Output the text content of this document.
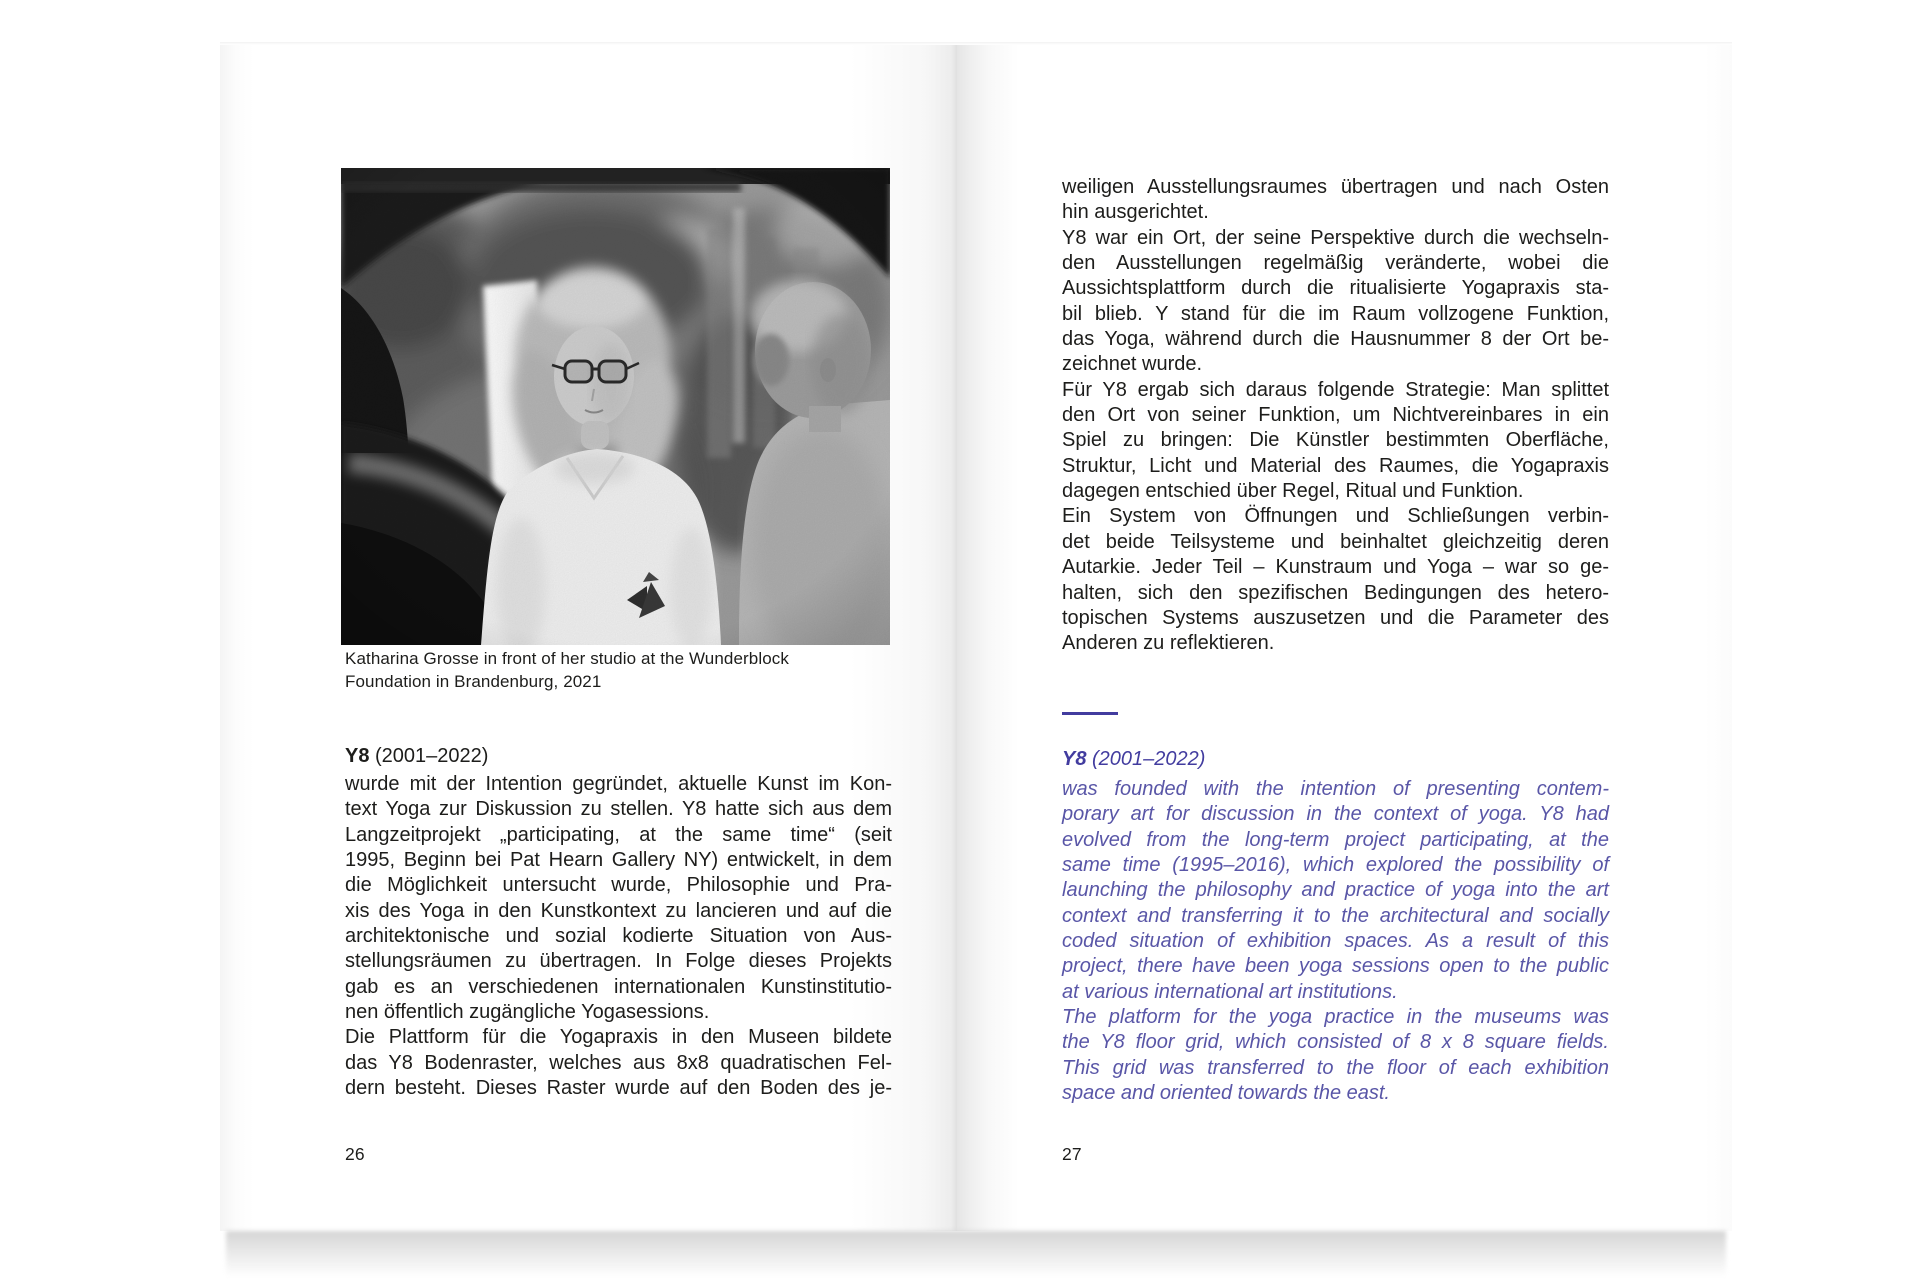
Katharina Grosse in front of her studio at the Wunderblock
Foundation in Brandenburg, 2021
Y8 (2001–2022)
wurde mit der Intention gegründet, aktuelle Kunst im Kon-
text Yoga zur Diskussion zu stellen. Y8 hatte sich aus dem
Langzeitprojekt „participating, at the same time“ (seit
1995, Beginn bei Pat Hearn Gallery NY) entwickelt, in dem
die Möglichkeit untersucht wurde, Philosophie und Pra-
xis des Yoga in den Kunstkontext zu lancieren und auf die
architektonische und sozial kodierte Situation von Aus-
stellungsräumen zu übertragen. In Folge dieses Projekts
gab es an verschiedenen internationalen Kunstinstitutio-
nen öffentlich zugängliche Yogasessions.
Die Plattform für die Yogapraxis in den Museen bildete
das Y8 Bodenraster, welches aus 8x8 quadratischen Fel-
dern besteht. Dieses Raster wurde auf den Boden des je-
26
weiligen Ausstellungsraumes übertragen und nach Osten
hin ausgerichtet.
Y8 war ein Ort, der seine Perspektive durch die wechseln-
den Ausstellungen regelmäßig veränderte, wobei die
Aussichtsplattform durch die ritualisierte Yogapraxis sta-
bil blieb. Y stand für die im Raum vollzogene Funktion,
das Yoga, während durch die Hausnummer 8 der Ort be-
zeichnet wurde.
Für Y8 ergab sich daraus folgende Strategie: Man splittet
den Ort von seiner Funktion, um Nichtvereinbares in ein
Spiel zu bringen: Die Künstler bestimmten Oberfläche,
Struktur, Licht und Material des Raumes, die Yogapraxis
dagegen entschied über Regel, Ritual und Funktion.
Ein System von Öffnungen und Schließungen verbin-
det beide Teilsysteme und beinhaltet gleichzeitig deren
Autarkie. Jeder Teil – Kunstraum und Yoga – war so ge-
halten, sich den spezifischen Bedingungen des hetero-
topischen Systems auszusetzen und die Parameter des
Anderen zu reflektieren.
Y8 (2001–2022)
was founded with the intention of presenting contem-
porary art for discussion in the context of yoga. Y8 had
evolved from the long-term project participating, at the
same time (1995–2016), which explored the possibility of
launching the philosophy and practice of yoga into the art
context and transferring it to the architectural and socially
coded situation of exhibition spaces. As a result of this
project, there have been yoga sessions open to the public
at various international art institutions.
The platform for the yoga practice in the museums was
the Y8 floor grid, which consisted of 8 x 8 square fields.
This grid was transferred to the floor of each exhibition
space and oriented towards the east.
27
